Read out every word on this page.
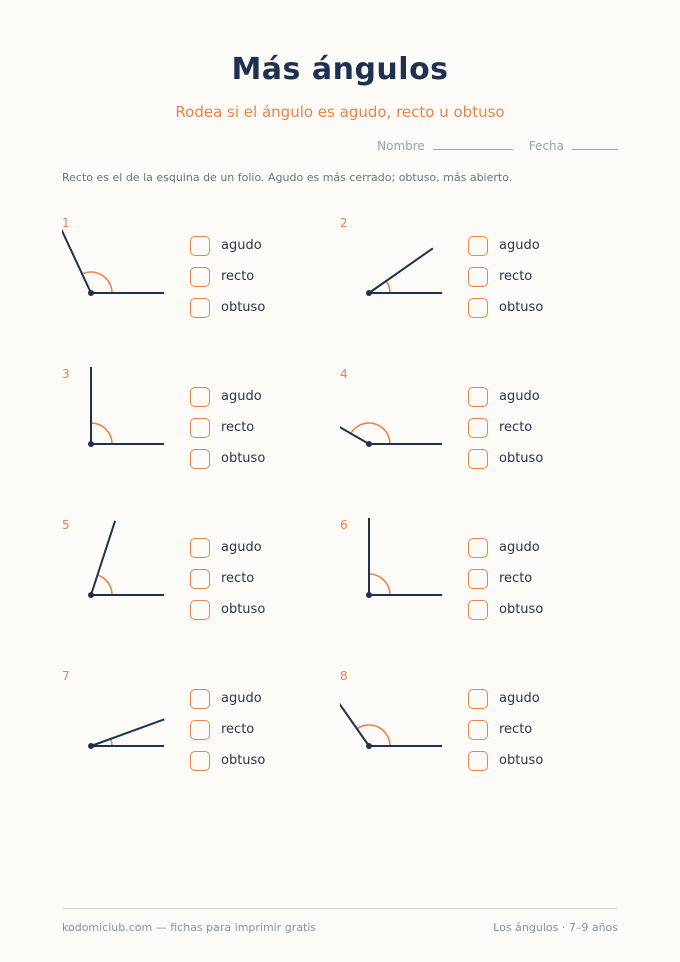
Más ángulos
Rodea si el ángulo es agudo, recto u obtuso
Nombre	Fecha
Recto es el de la esquina de un folio. Agudo es más cerrado; obtuso, más abierto.
1
agudo
recto
obtuso
2
agudo
recto
obtuso
3
agudo
recto
obtuso
4
agudo
recto
obtuso
5
agudo
recto
obtuso
6
agudo
recto
obtuso
7
agudo
recto
obtuso
8
agudo
recto
obtuso
kodomiclub.com — fichas para imprimir gratis	Los ángulos · 7–9 años
